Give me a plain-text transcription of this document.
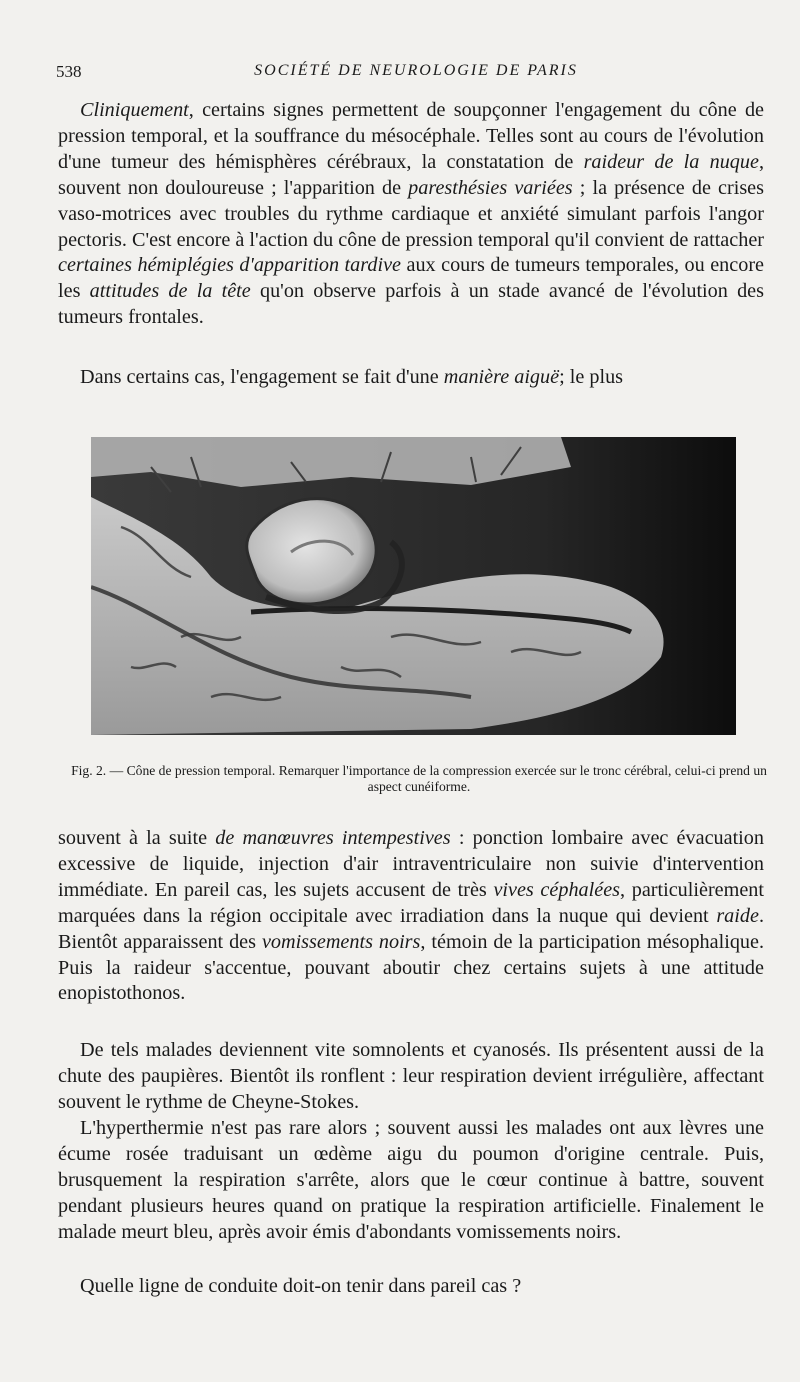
538	SOCIÉTÉ DE NEUROLOGIE DE PARIS

Cliniquement, certains signes permettent de soupçonner l'engagement du cône de pression temporal, et la souffrance du mésocéphale. Telles sont au cours de l'évolution d'une tumeur des hémisphères cérébraux, la constatation de raideur de la nuque, souvent non douloureuse ; l'apparition de paresthésies variées ; la présence de crises vaso-motrices avec troubles du rythme cardiaque et anxiété simulant parfois l'angor pectoris. C'est encore à l'action du cône de pression temporal qu'il convient de rattacher certaines hémiplégies d'apparition tardive aux cours de tumeurs temporales, ou encore les attitudes de la tête qu'on observe parfois à un stade avancé de l'évolution des tumeurs frontales.

Dans certains cas, l'engagement se fait d'une manière aiguë; le plus

Fig. 2. — Cône de pression temporal. Remarquer l'importance de la compression exercée sur le tronc cérébral, celui-ci prend un aspect cunéiforme.

souvent à la suite de manœuvres intempestives : ponction lombaire avec évacuation excessive de liquide, injection d'air intraventriculaire non suivie d'intervention immédiate. En pareil cas, les sujets accusent de très vives céphalées, particulièrement marquées dans la région occipitale avec irradiation dans la nuque qui devient raide. Bientôt apparaissent des vomissements noirs, témoin de la participation mésophalique. Puis la raideur s'accentue, pouvant aboutir chez certains sujets à une attitude enopistothonos.

De tels malades deviennent vite somnolents et cyanosés. Ils présentent aussi de la chute des paupières. Bientôt ils ronflent : leur respiration devient irrégulière, affectant souvent le rythme de Cheyne-Stokes.

L'hyperthermie n'est pas rare alors ; souvent aussi les malades ont aux lèvres une écume rosée traduisant un œdème aigu du poumon d'origine centrale. Puis, brusquement la respiration s'arrête, alors que le cœur continue à battre, souvent pendant plusieurs heures quand on pratique la respiration artificielle. Finalement le malade meurt bleu, après avoir émis d'abondants vomissements noirs.

Quelle ligne de conduite doit-on tenir dans pareil cas ?
